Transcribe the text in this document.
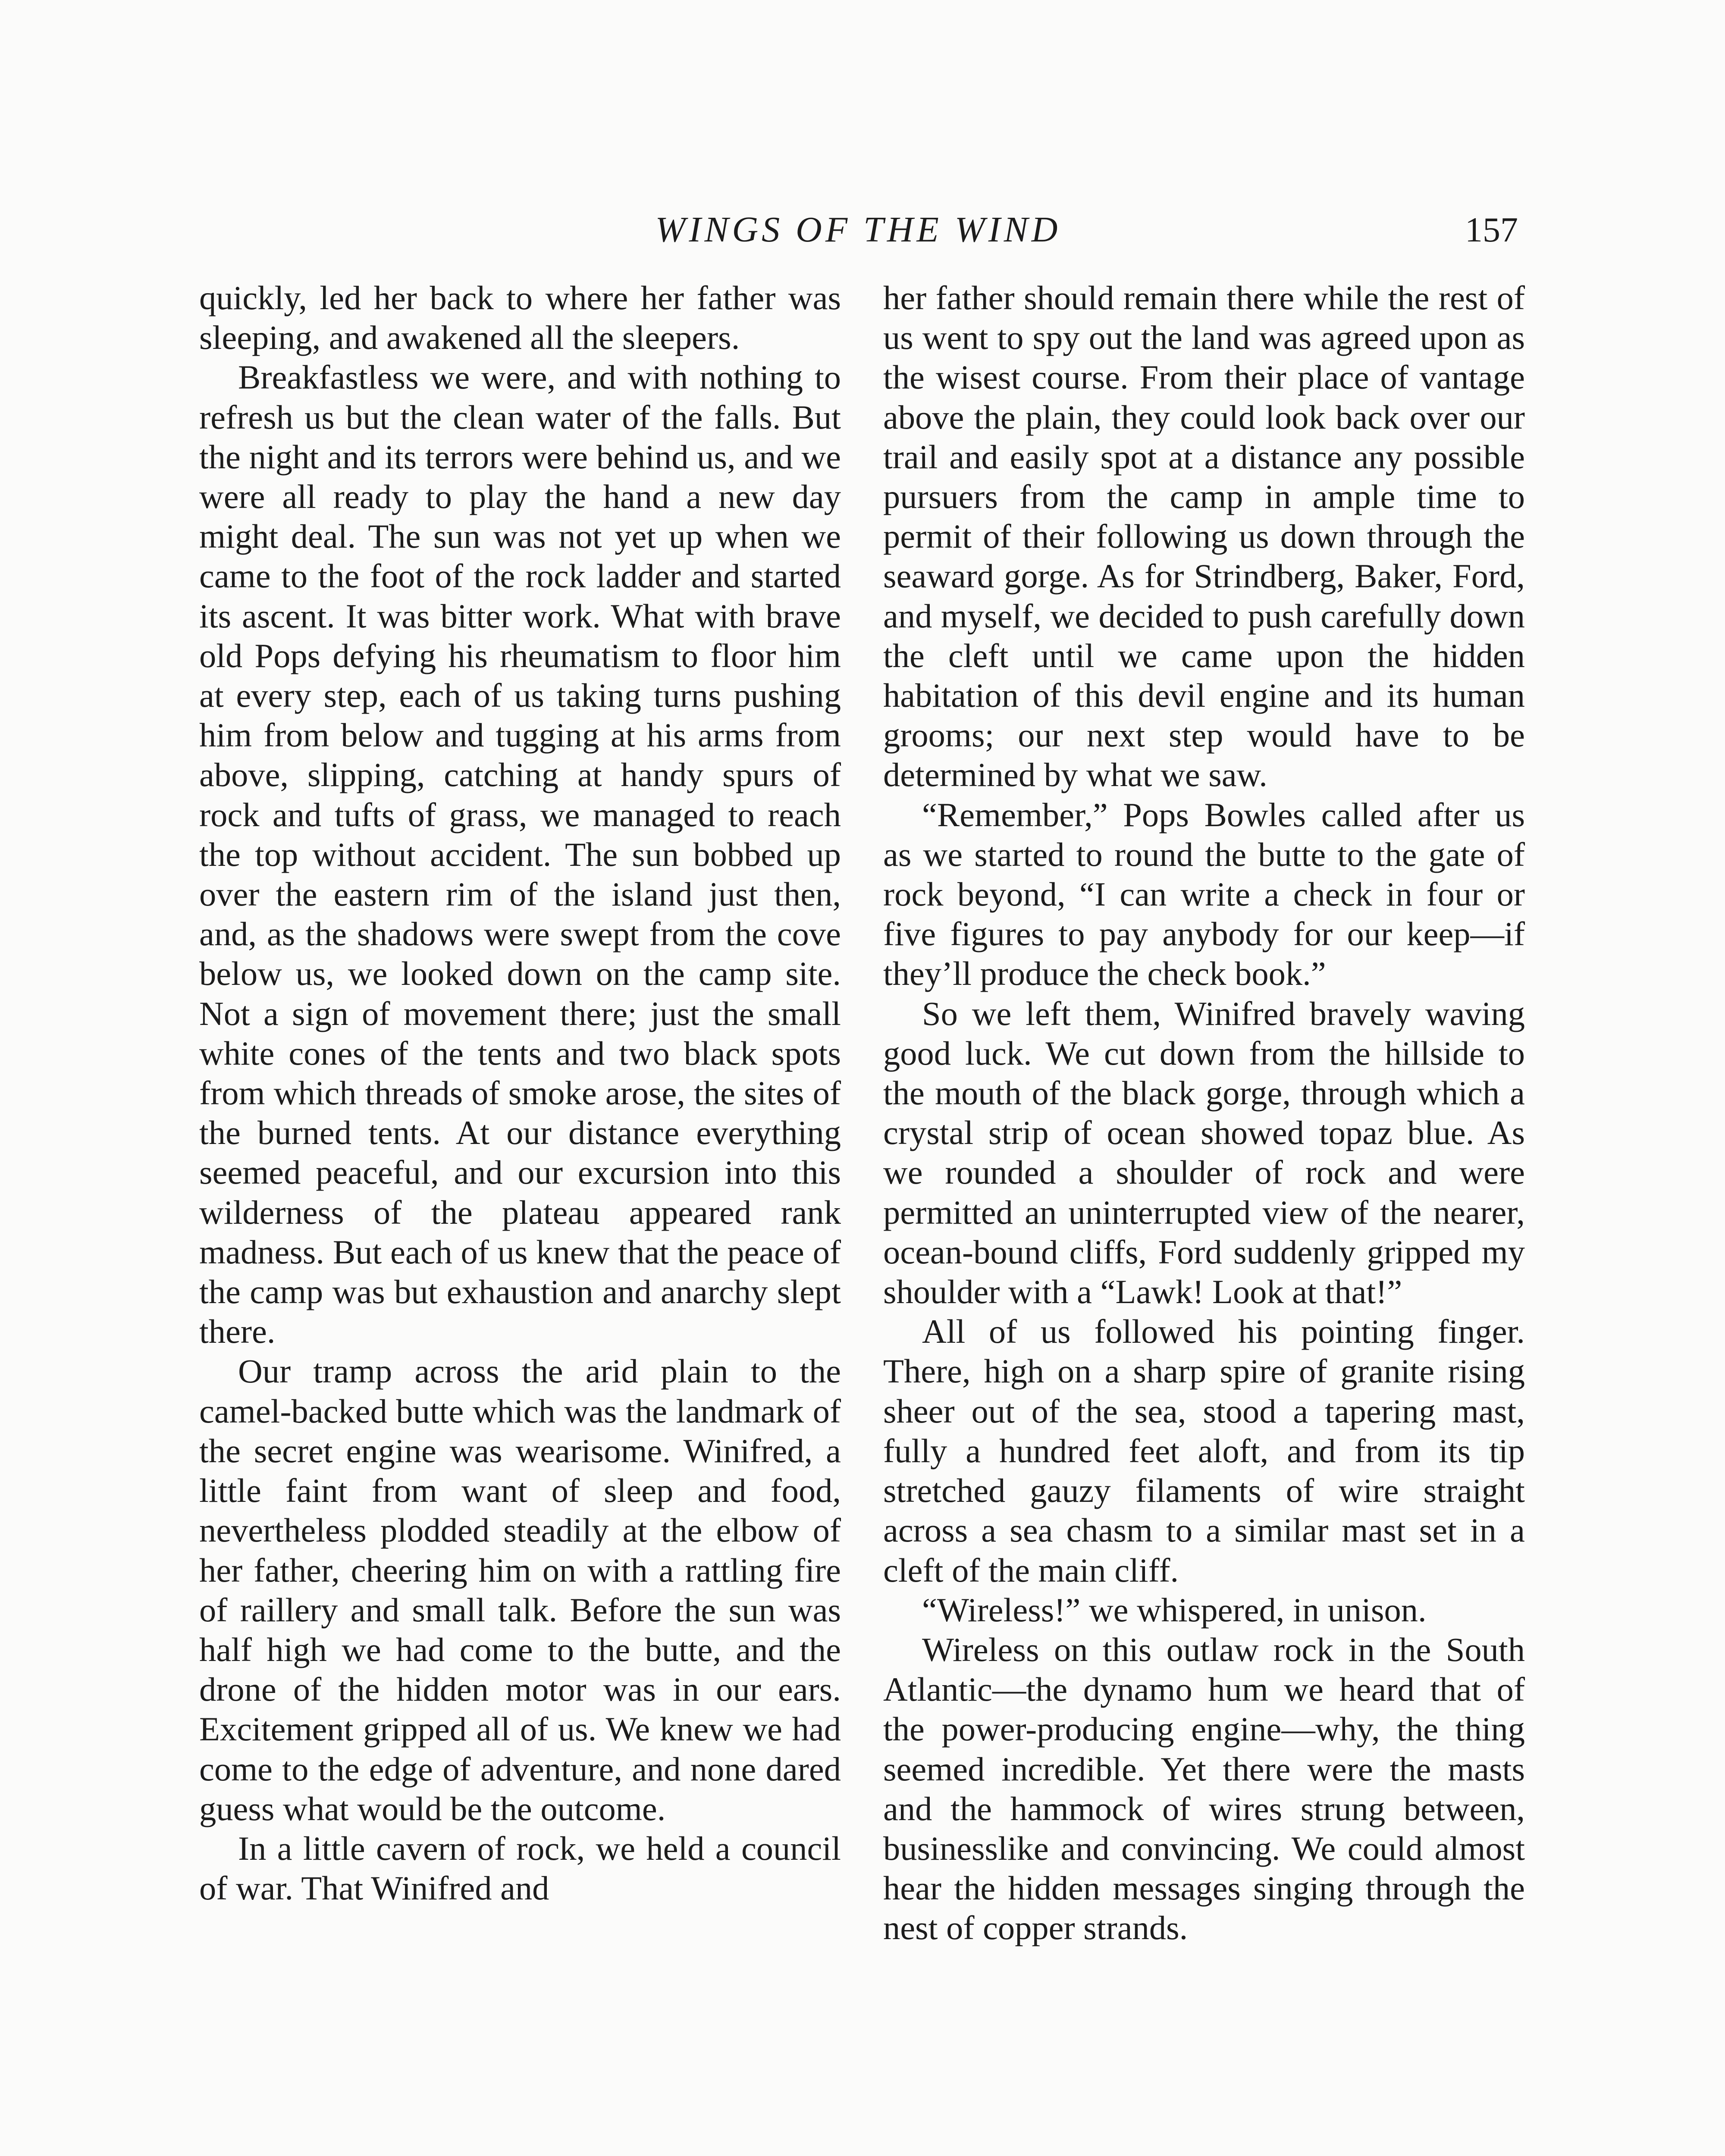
WINGS OF THE WIND	157

quickly, led her back to where her father was sleeping, and awakened all the sleepers.

Breakfastless we were, and with nothing to refresh us but the clean water of the falls. But the night and its terrors were behind us, and we were all ready to play the hand a new day might deal. The sun was not yet up when we came to the foot of the rock ladder and started its ascent. It was bitter work. What with brave old Pops defying his rheumatism to floor him at every step, each of us taking turns pushing him from below and tugging at his arms from above, slipping, catching at handy spurs of rock and tufts of grass, we managed to reach the top without accident. The sun bobbed up over the eastern rim of the island just then, and, as the shadows were swept from the cove below us, we looked down on the camp site. Not a sign of movement there; just the small white cones of the tents and two black spots from which threads of smoke arose, the sites of the burned tents. At our distance everything seemed peaceful, and our excursion into this wilderness of the plateau appeared rank madness. But each of us knew that the peace of the camp was but exhaustion and anarchy slept there.

Our tramp across the arid plain to the camel-backed butte which was the landmark of the secret engine was wearisome. Winifred, a little faint from want of sleep and food, nevertheless plodded steadily at the elbow of her father, cheering him on with a rattling fire of raillery and small talk. Before the sun was half high we had come to the butte, and the drone of the hidden motor was in our ears. Excitement gripped all of us. We knew we had come to the edge of adventure, and none dared guess what would be the outcome.

In a little cavern of rock, we held a council of war. That Winifred and

her father should remain there while the rest of us went to spy out the land was agreed upon as the wisest course. From their place of vantage above the plain, they could look back over our trail and easily spot at a distance any possible pursuers from the camp in ample time to permit of their following us down through the seaward gorge. As for Strindberg, Baker, Ford, and myself, we decided to push carefully down the cleft until we came upon the hidden habitation of this devil engine and its human grooms; our next step would have to be determined by what we saw.

“Remember,” Pops Bowles called after us as we started to round the butte to the gate of rock beyond, “I can write a check in four or five figures to pay anybody for our keep—if they’ll produce the check book.”

So we left them, Winifred bravely waving good luck. We cut down from the hillside to the mouth of the black gorge, through which a crystal strip of ocean showed topaz blue. As we rounded a shoulder of rock and were permitted an uninterrupted view of the nearer, ocean-bound cliffs, Ford suddenly gripped my shoulder with a “Lawk! Look at that!”

All of us followed his pointing finger. There, high on a sharp spire of granite rising sheer out of the sea, stood a tapering mast, fully a hundred feet aloft, and from its tip stretched gauzy filaments of wire straight across a sea chasm to a similar mast set in a cleft of the main cliff.

“Wireless!” we whispered, in unison.

Wireless on this outlaw rock in the South Atlantic—the dynamo hum we heard that of the power-producing engine—why, the thing seemed incredible. Yet there were the masts and the hammock of wires strung between, businesslike and convincing. We could almost hear the hidden messages singing through the nest of copper strands.
